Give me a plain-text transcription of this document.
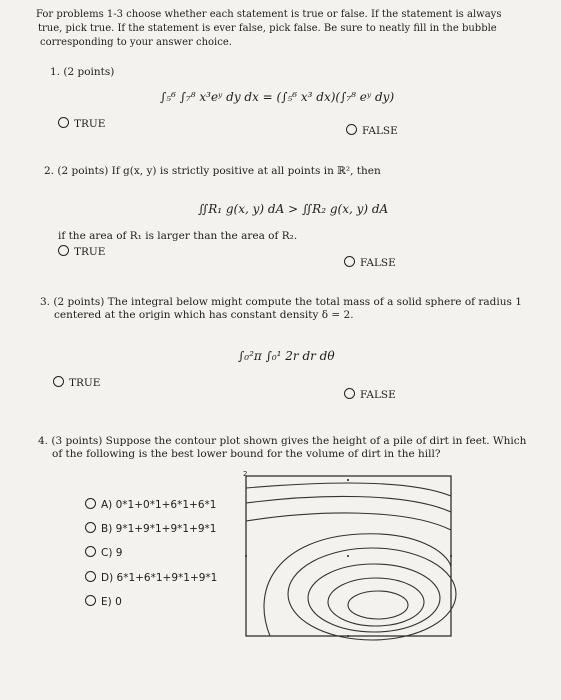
For problems 1-3 choose whether each statement is true or false. If the statement is always
true, pick true. If the statement is ever false, pick false. Be sure to neatly fill in the bubble
corresponding to your answer choice.
1. (2 points)
∫₅⁶ ∫₇⁸ x³eʸ dy dx = (∫₅⁶ x³ dx)(∫₇⁸ eʸ dy)
TRUE
FALSE
2. (2 points) If g(x, y) is strictly positive at all points in ℝ², then
∬R₁ g(x, y) dA > ∬R₂ g(x, y) dA
if the area of R₁ is larger than the area of R₂.
TRUE
FALSE
3. (2 points) The integral below might compute the total mass of a solid sphere of radius 1
centered at the origin which has constant density δ = 2.
∫₀²π ∫₀¹ 2r dr dθ
TRUE
FALSE
4. (3 points) Suppose the contour plot shown gives the height of a pile of dirt in feet. Which
of the following is the best lower bound for the volume of dirt in the hill?
A) 0*1+0*1+6*1+6*1
B) 9*1+9*1+9*1+9*1
C) 9
D) 6*1+6*1+9*1+9*1
E) 0
2
